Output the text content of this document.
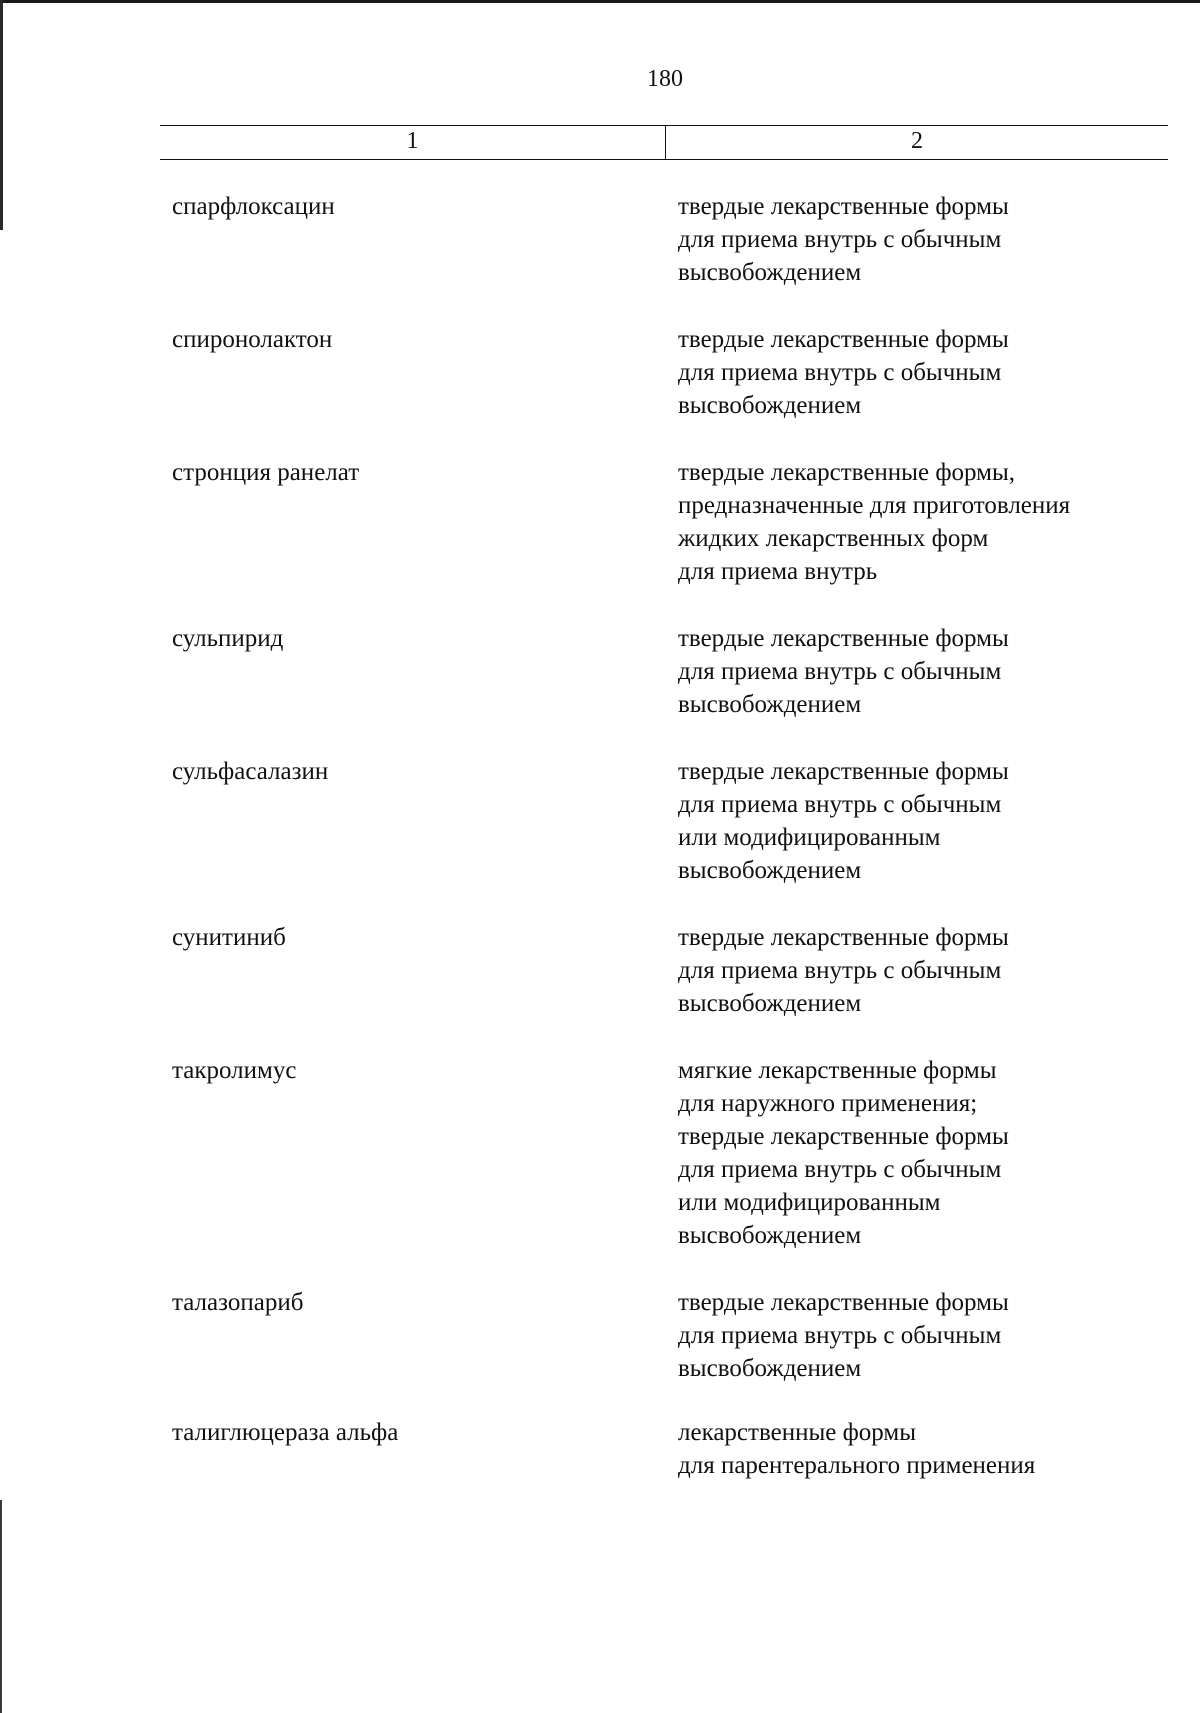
180
1	2
спарфлоксацин	твердые лекарственные формы
для приема внутрь с обычным
высвобождением
спиронолактон	твердые лекарственные формы
для приема внутрь с обычным
высвобождением
стронция ранелат	твердые лекарственные формы,
предназначенные для приготовления
жидких лекарственных форм
для приема внутрь
сульпирид	твердые лекарственные формы
для приема внутрь с обычным
высвобождением
сульфасалазин	твердые лекарственные формы
для приема внутрь с обычным
или модифицированным
высвобождением
сунитиниб	твердые лекарственные формы
для приема внутрь с обычным
высвобождением
такролимус	мягкие лекарственные формы
для наружного применения;
твердые лекарственные формы
для приема внутрь с обычным
или модифицированным
высвобождением
талазопариб	твердые лекарственные формы
для приема внутрь с обычным
высвобождением
талиглюцераза альфа	лекарственные формы
для парентерального применения
